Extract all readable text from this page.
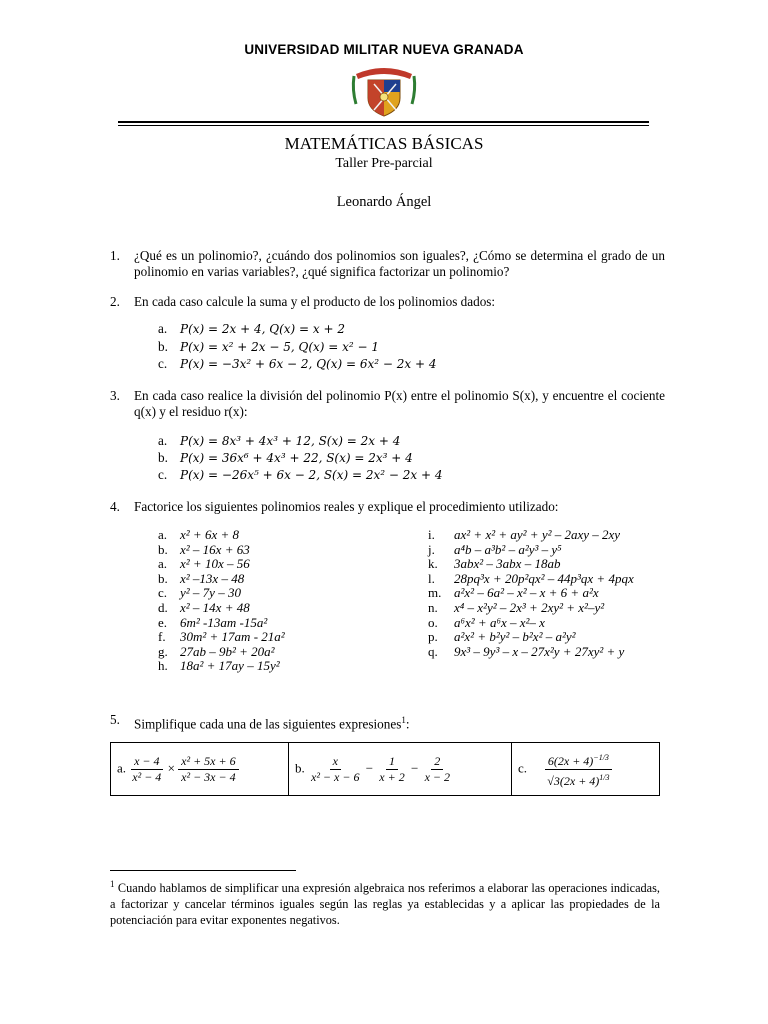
UNIVERSIDAD MILITAR NUEVA GRANADA
MATEMÁTICAS BÁSICAS
Taller Pre-parcial
Leonardo Ángel
1. ¿Qué es un polinomio?, ¿cuándo dos polinomios son iguales?, ¿Cómo se determina el grado de un polinomio en varias variables?, ¿qué significa factorizar un polinomio?
2. En cada caso calcule la suma y el producto de los polinomios dados:
a.	P(x) = 2x + 4, Q(x) = x + 2
b.	P(x) = x² + 2x − 5, Q(x) = x² − 1
c.	P(x) = −3x² + 6x − 2, Q(x) = 6x² − 2x + 4
3. En cada caso realice la división del polinomio P(x) entre el polinomio S(x), y encuentre el cociente q(x) y el residuo r(x):
a.	P(x) = 8x³ + 4x³ + 12, S(x) = 2x + 4
b.	P(x) = 36x⁶ + 4x³ + 22, S(x) = 2x³ + 4
c.	P(x) = −26x⁵ + 6x − 2, S(x) = 2x² − 2x + 4
4. Factorice los siguientes polinomios reales y explique el procedimiento utilizado:
a. x² + 6x + 8
b. x² – 16x + 63
a. x² + 10x – 56
b. x² –13x – 48
c. y² – 7y – 30
d. x² – 14x + 48
e. 6m² -13am -15a²
f. 30m² + 17am - 21a²
g. 27ab – 9b² + 20a²
h. 18a² + 17ay – 15y²
i. ax² + x² + ay² + y² – 2axy – 2xy
j. a⁴b – a³b² – a²y³ – y⁵
k. 3abx² – 3abx – 18ab
l. 28pq³x + 20p²qx² – 44p³qx + 4pqx
m. a²x² – 6a² – x² – x + 6 + a²x
n. x⁴ – x²y² – 2x³ + 2xy² + x²–y²
o. a⁶x² + a⁶x – x²– x
p. a²x² + b²y² – b²x² – a²y²
q. 9x³ – 9y³ – x – 27x²y + 27xy² + y
5. Simplifique cada una de las siguientes expresiones$^1$:
a. $\frac{x - 4}{\text{x² − 4}} \times \frac{\text{x² + 5x + 6}}{\text{x² − 3x − 4}}$	b. $\frac{x}{\text{x² − x − 6}} - \frac{1}{x + 2} - \frac{2}{x - 2}$	c. $\frac{6(2x + 4)^{-1/3}}{√3(2x + 4)^{1/3}}$
$^1$ Cuando hablamos de simplificar una expresión algebraica nos referimos a elaborar las operaciones indicadas, a factorizar y cancelar términos iguales según las reglas ya establecidas y a aplicar las propiedades de la potenciación para evitar exponentes negativos.
